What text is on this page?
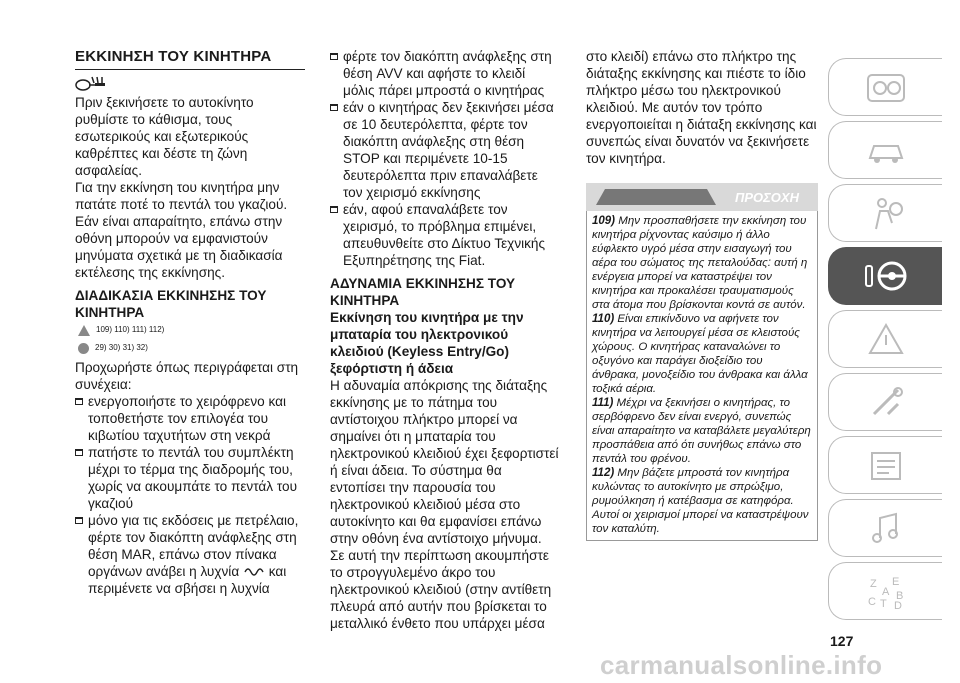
ΕΚΚΙΝΗΣΗ ΤΟΥ ΚΙΝΗΤΗΡΑ

Πριν ξεκινήσετε το αυτοκίνητο ρυθμίστε το κάθισμα, τους εσωτερικούς και εξωτερικούς καθρέπτες και δέστε τη ζώνη ασφαλείας.

Για την εκκίνηση του κινητήρα μην πατάτε ποτέ το πεντάλ του γκαζιού.

Εάν είναι απαραίτητο, επάνω στην οθόνη μπορούν να εμφανιστούν μηνύματα σχετικά με τη διαδικασία εκτέλεσης της εκκίνησης.

ΔΙΑΔΙΚΑΣΙΑ ΕΚΚΙΝΗΣΗΣ ΤΟΥ ΚΙΝΗΤΗΡΑ
109) 110) 111) 112)
29) 30) 31) 32)

Προχωρήστε όπως περιγράφεται στη συνέχεια:

ενεργοποιήστε το χειρόφρενο και τοποθετήστε τον επιλογέα του κιβωτίου ταχυτήτων στη νεκρά
πατήστε το πεντάλ του συμπλέκτη μέχρι το τέρμα της διαδρομής του, χωρίς να ακουμπάτε το πεντάλ του γκαζιού
μόνο για τις εκδόσεις με πετρέλαιο, φέρτε τον διακόπτη ανάφλεξης στη θέση MAR, επάνω στον πίνακα οργάνων ανάβει η λυχνία και περιμένετε να σβήσει η λυχνία
φέρτε τον διακόπτη ανάφλεξης στη θέση AVV και αφήστε το κλειδί μόλις πάρει μπροστά ο κινητήρας
εάν ο κινητήρας δεν ξεκινήσει μέσα σε 10 δευτερόλεπτα, φέρτε τον διακόπτη ανάφλεξης στη θέση STOP και περιμένετε 10-15 δευτερόλεπτα πριν επαναλάβετε τον χειρισμό εκκίνησης
εάν, αφού επαναλάβετε τον χειρισμό, το πρόβλημα επιμένει, απευθυνθείτε στο Δίκτυο Τεχνικής Εξυπηρέτησης της Fiat.
ΑΔΥΝΑΜΙΑ ΕΚΚΙΝΗΣΗΣ ΤΟΥ ΚΙΝΗΤΗΡΑ
Εκκίνηση του κινητήρα με την μπαταρία του ηλεκτρονικού κλειδιού (Keyless Entry/Go) ξεφόρτιστη ή άδεια

Η αδυναμία απόκρισης της διάταξης εκκίνησης με το πάτημα του αντίστοιχου πλήκτρο μπορεί να σημαίνει ότι η μπαταρία του ηλεκτρονικού κλειδιού έχει ξεφορτιστεί ή είναι άδεια. Το σύστημα θα εντοπίσει την παρουσία του ηλεκτρονικού κλειδιού μέσα στο αυτοκίνητο και θα εμφανίσει επάνω στην οθόνη ένα αντίστοιχο μήνυμα.

Σε αυτή την περίπτωση ακουμπήστε το στρογγυλεμένο άκρο του ηλεκτρονικού κλειδιού (στην αντίθετη πλευρά από αυτήν που βρίσκεται το μεταλλικό ένθετο που υπάρχει μέσα

στο κλειδί) επάνω στο πλήκτρο της διάταξης εκκίνησης και πιέστε το ίδιο πλήκτρο μέσω του ηλεκτρονικού κλειδιού. Με αυτόν τον τρόπο ενεργοποιείται η διάταξη εκκίνησης και συνεπώς είναι δυνατόν να ξεκινήσετε τον κινητήρα.

ΠΡΟΣΟΧΗ

109) Μην προσπαθήσετε την εκκίνηση του κινητήρα ρίχνοντας καύσιμο ή άλλο εύφλεκτο υγρό μέσα στην εισαγωγή του αέρα του σώματος της πεταλούδας: αυτή η ενέργεια μπορεί να καταστρέψει τον κινητήρα και προκαλέσει τραυματισμούς στα άτομα που βρίσκονται κοντά σε αυτόν.

110) Είναι επικίνδυνο να αφήνετε τον κινητήρα να λειτουργεί μέσα σε κλειστούς χώρους. Ο κινητήρας καταναλώνει το οξυγόνο και παράγει διοξείδιο του άνθρακα, μονοξείδιο του άνθρακα και άλλα τοξικά αέρια.

111) Μέχρι να ξεκινήσει ο κινητήρας, το σερβόφρενο δεν είναι ενεργό, συνεπώς είναι απαραίτητο να καταβάλετε μεγαλύτερη προσπάθεια από ότι συνήθως επάνω στο πεντάλ του φρένου.

112) Μην βάζετε μπροστά τον κινητήρα κυλώντας το αυτοκίνητο με σπρώξιμο, ρυμούλκηση ή κατέβασμα σε κατηφόρα. Αυτοί οι χειρισμοί μπορεί να καταστρέψουν τον καταλύτη.

Z E
A B
C T D
127
carmanualsonline.info
